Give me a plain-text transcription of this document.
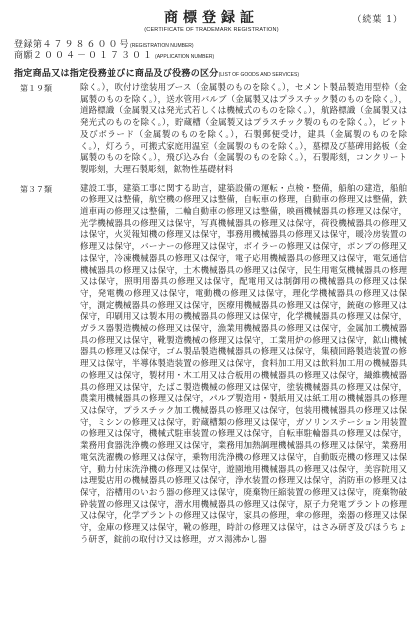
商標登録証	（続葉 1）
(CERTIFICATE OF TRADEMARK REGISTRATION)
登録第４７９８６００号(REGISTRATION NUMBER)
商願２００４－０１７３０１(APPLICATION NUMBER)
指定商品又は指定役務並びに商品及び役務の区分(LIST OF GOODS AND SERVICES)
第１９類	除く。），吹付け塗装用ブース（金属製のものを除く。），セメント製品製造用型枠（金属製のものを除く。），送水管用バルブ（金属製又はプラスチック製のものを除く。），道路標識（金属製又は発光式若しくは機械式のものを除く。），航路標識（金属製又は発光式のものを除く。），貯蔵槽（金属製又はプラスチック製のものを除く。），ビット及びボラード（金属製のものを除く。），石製郵便受け，建具（金属製のものを除く。），灯ろう，可搬式家庭用温室（金属製のものを除く。），墓標及び墓碑用銘板（金属製のものを除く。），飛び込み台（金属製のものを除く。），石製彫刻，コンクリート製彫刻，大理石製彫刻，鉱物性基礎材料
第３７類	建設工事，建築工事に関する助言，建築設備の運転・点検・整備，船舶の建造，船舶の修理又は整備，航空機の修理又は整備，自転車の修理，自動車の修理又は整備，鉄道車両の修理又は整備，二輪自動車の修理又は整備，映画機械器具の修理又は保守，光学機械器具の修理又は保守，写真機械器具の修理又は保守，荷役機械器具の修理又は保守，火災報知機の修理又は保守，事務用機械器具の修理又は保守，暖冷房装置の修理又は保守，バーナーの修理又は保守，ボイラーの修理又は保守，ポンプの修理又は保守，冷凍機械器具の修理又は保守，電子応用機械器具の修理又は保守，電気通信機械器具の修理又は保守，土木機械器具の修理又は保守，民生用電気機械器具の修理又は保守，照明用器具の修理又は保守，配電用又は制御用の機械器具の修理又は保守，発電機の修理又は保守，電動機の修理又は保守，理化学機械器具の修理又は保守，測定機械器具の修理又は保守，医療用機械器具の修理又は保守，銃砲の修理又は保守，印刷用又は製本用の機械器具の修理又は保守，化学機械器具の修理又は保守，ガラス器製造機械の修理又は保守，漁業用機械器具の修理又は保守，金属加工機械器具の修理又は保守，靴製造機械の修理又は保守，工業用炉の修理又は保守，鉱山機械器具の修理又は保守，ゴム製品製造機械器具の修理又は保守，集積回路製造装置の修理又は保守，半導体製造装置の修理又は保守，食料加工用又は飲料加工用の機械器具の修理又は保守，製材用・木工用又は合板用の機械器具の修理又は保守，繊維機械器具の修理又は保守，たばこ製造機械の修理又は保守，塗装機械器具の修理又は保守，農業用機械器具の修理又は保守，パルプ製造用・製紙用又は紙工用の機械器具の修理又は保守，プラスチック加工機械器具の修理又は保守，包装用機械器具の修理又は保守，ミシンの修理又は保守，貯蔵槽類の修理又は保守，ガソリンステーション用装置の修理又は保守，機械式駐車装置の修理又は保守，自転車駐輪器具の修理又は保守，業務用食器洗浄機の修理又は保守，業務用加熱調理機械器具の修理又は保守，業務用電気洗濯機の修理又は保守，乗物用洗浄機の修理又は保守，自動販売機の修理又は保守，動力付床洗浄機の修理又は保守，遊園地用機械器具の修理又は保守，美容院用又は理髪店用の機械器具の修理又は保守，浄水装置の修理又は保守，消防車の修理又は保守，浴槽用のいおう器の修理又は保守，廃棄物圧縮装置の修理又は保守，廃棄物破砕装置の修理又は保守，潜水用機械器具の修理又は保守，原子力発電プラントの修理又は保守，化学プラントの修理又は保守，家具の修理，傘の修理，楽器の修理又は保守，金庫の修理又は保守，靴の修理，時計の修理又は保守，はさみ研ぎ及びほうちょう研ぎ，錠前の取付け又は修理，ガス湯沸かし器
